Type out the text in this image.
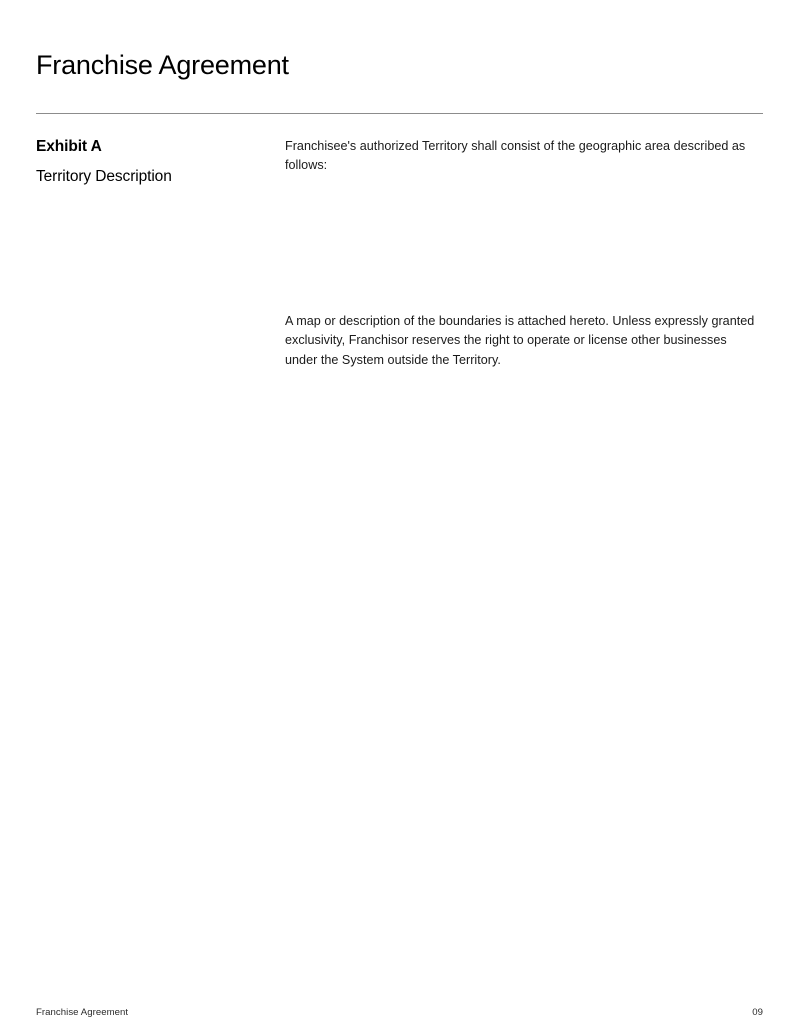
Franchise Agreement
Exhibit A
Territory Description

Franchisee's authorized Territory shall consist of the geographic area described as follows:

A map or description of the boundaries is attached hereto. Unless expressly granted exclusivity, Franchisor reserves the right to operate or license other businesses under the System outside the Territory.

Franchise Agreement	09
